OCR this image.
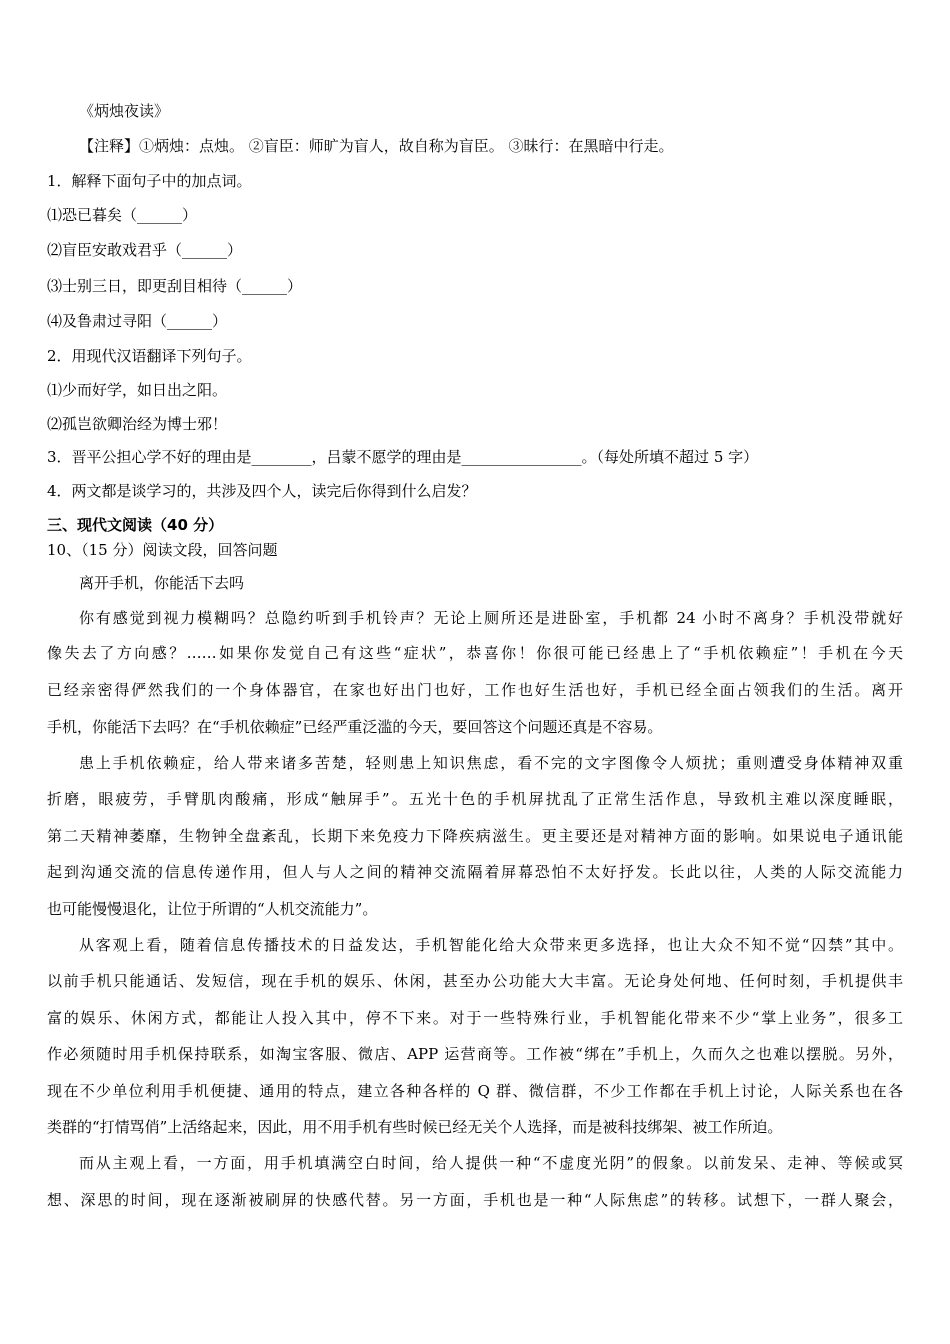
《炳烛夜读》
【注释】①炳烛：点烛。 ②盲臣：师旷为盲人，故自称为盲臣。 ③昧行：在黑暗中行走。
1．解释下面句子中的加点词。
⑴恐已暮矣（______）
⑵盲臣安敢戏君乎（______）
⑶士别三日，即更刮目相待（______）
⑷及鲁肃过寻阳（______）
2．用现代汉语翻译下列句子。
⑴少而好学，如日出之阳。
⑵孤岂欲卿治经为博士邪！
3．晋平公担心学不好的理由是________，吕蒙不愿学的理由是________________。（每处所填不超过 5 字）
4．两文都是谈学习的，共涉及四个人，读完后你得到什么启发？
三、现代文阅读（40 分）
10、（15 分）阅读文段，回答问题
离开手机，你能活下去吗
你有感觉到视力模糊吗？总隐约听到手机铃声？无论上厕所还是进卧室，手机都 24 小时不离身？手机没带就好
像失去了方向感？……如果你发觉自己有这些“症状”，恭喜你！你很可能已经患上了“手机依赖症”！手机在今天
已经亲密得俨然我们的一个身体器官，在家也好出门也好，工作也好生活也好，手机已经全面占领我们的生活。离开
手机，你能活下去吗？在“手机依赖症”已经严重泛滥的今天，要回答这个问题还真是不容易。
患上手机依赖症，给人带来诸多苦楚，轻则患上知识焦虑，看不完的文字图像令人烦扰；重则遭受身体精神双重
折磨，眼疲劳，手臂肌肉酸痛，形成“触屏手”。五光十色的手机屏扰乱了正常生活作息，导致机主难以深度睡眠，
第二天精神萎靡，生物钟全盘紊乱，长期下来免疫力下降疾病滋生。更主要还是对精神方面的影响。如果说电子通讯能
起到沟通交流的信息传递作用，但人与人之间的精神交流隔着屏幕恐怕不太好抒发。长此以往，人类的人际交流能力
也可能慢慢退化，让位于所谓的“人机交流能力”。
从客观上看，随着信息传播技术的日益发达，手机智能化给大众带来更多选择，也让大众不知不觉“囚禁”其中。
以前手机只能通话、发短信，现在手机的娱乐、休闲，甚至办公功能大大丰富。无论身处何地、任何时刻，手机提供丰
富的娱乐、休闲方式，都能让人投入其中，停不下来。对于一些特殊行业，手机智能化带来不少“掌上业务”，很多工
作必须随时用手机保持联系，如淘宝客服、微店、APP 运营商等。工作被“绑在”手机上，久而久之也难以摆脱。另外，
现在不少单位利用手机便捷、通用的特点，建立各种各样的 Q 群、微信群，不少工作都在手机上讨论，人际关系也在各
类群的“打情骂俏”上活络起来，因此，用不用手机有些时候已经无关个人选择，而是被科技绑架、被工作所迫。
而从主观上看，一方面，用手机填满空白时间，给人提供一种“不虚度光阴”的假象。以前发呆、走神、等候或冥
想、深思的时间，现在逐渐被刷屏的快感代替。另一方面，手机也是一种“人际焦虑”的转移。试想下，一群人聚会，
